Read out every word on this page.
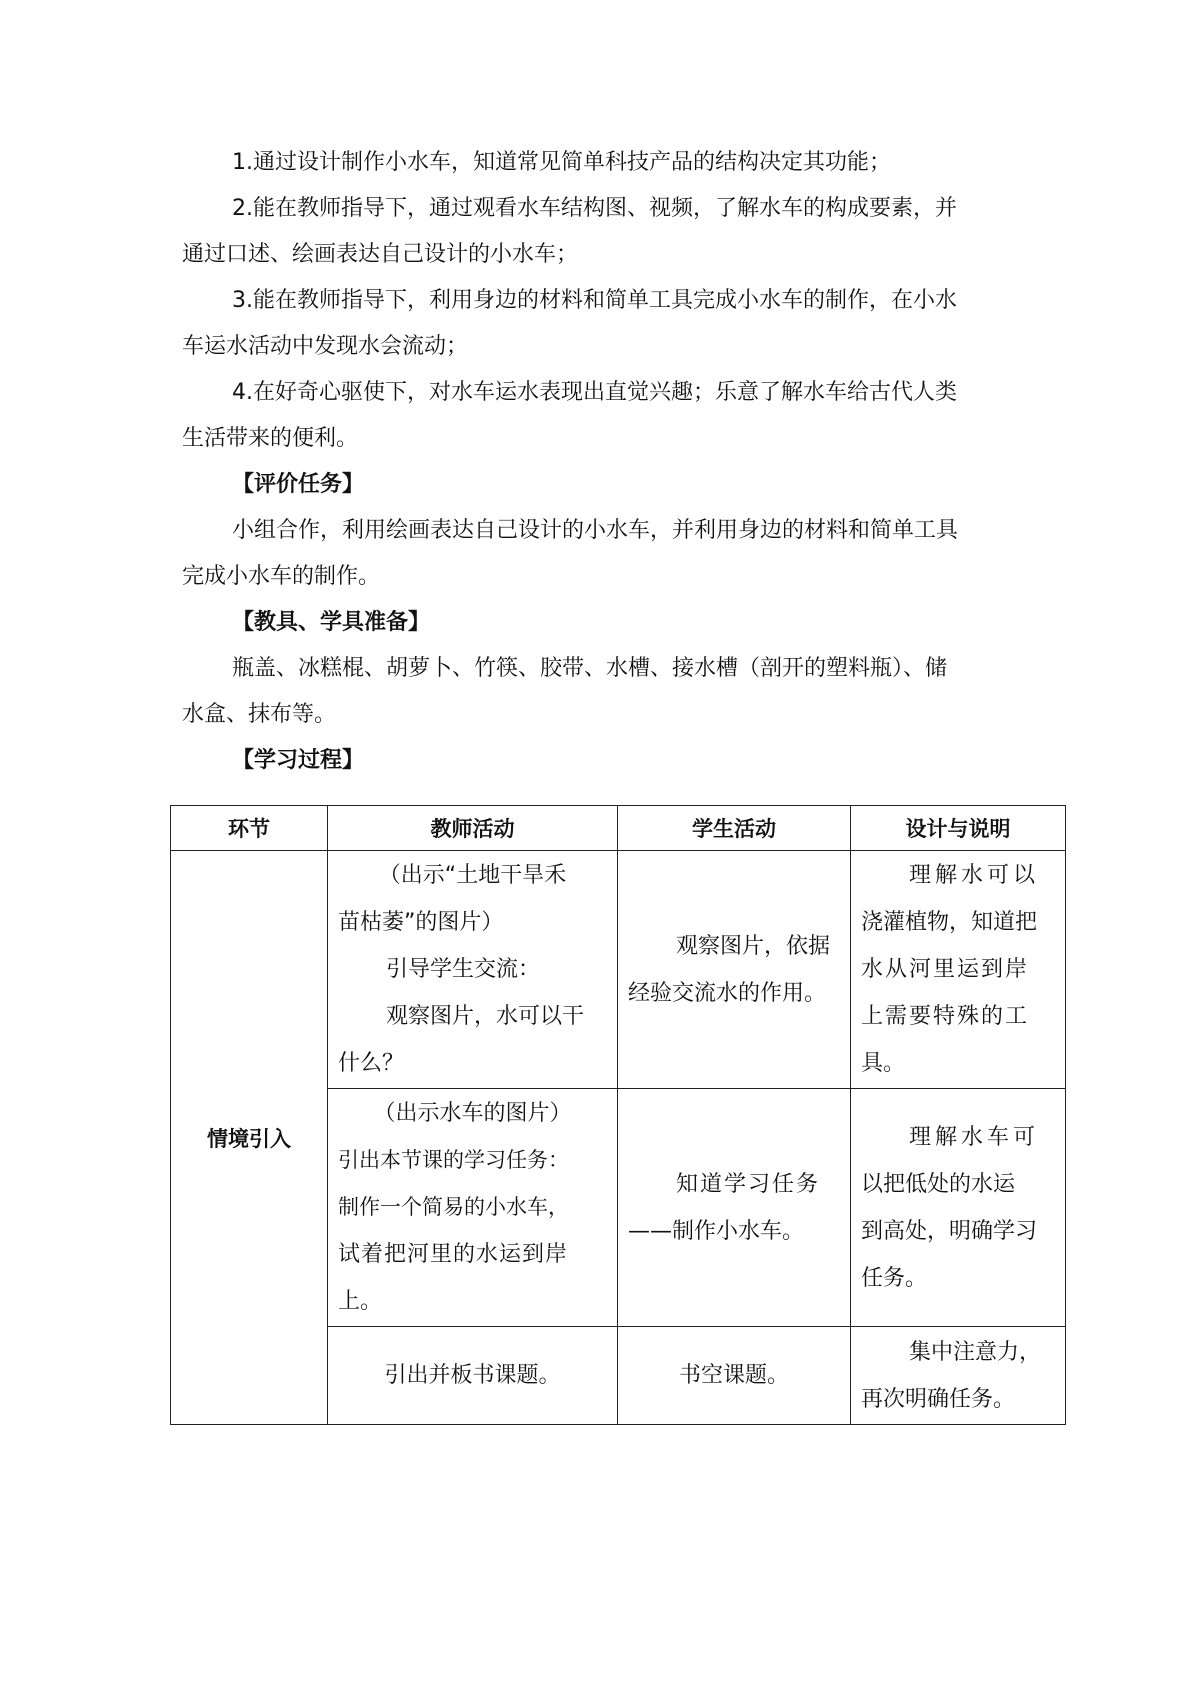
1.通过设计制作小水车，知道常见简单科技产品的结构决定其功能；

2.能在教师指导下，通过观看水车结构图、视频，了解水车的构成要素，并
通过口述、绘画表达自己设计的小水车；

3.能在教师指导下，利用身边的材料和简单工具完成小水车的制作，在小水
车运水活动中发现水会流动；

4.在好奇心驱使下，对水车运水表现出直觉兴趣；乐意了解水车给古代人类
生活带来的便利。

【评价任务】

小组合作，利用绘画表达自己设计的小水车，并利用身边的材料和简单工具
完成小水车的制作。

【教具、学具准备】

瓶盖、冰糕棍、胡萝卜、竹筷、胶带、水槽、接水槽（剖开的塑料瓶）、储
水盒、抹布等。

【学习过程】

环节	教师活动	学生活动	设计与说明
情境引入	（出示“土地干旱禾
苗枯萎”的图片）
引导学生交流：
观察图片，水可以干
什么？	观察图片，依据
经验交流水的作用。	理解水可以
浇灌植物，知道把
水从河里运到岸
上需要特殊的工
具。

	（出示水车的图片）
引出本节课的学习任务：
制作一个简易的小水车，
试着把河里的水运到岸
上。	知道学习任务
——制作小水车。	理解水车可
以把低处的水运
到高处，明确学习
任务。

	引出并板书课题。	书空课题。	集中注意力，
再次明确任务。
